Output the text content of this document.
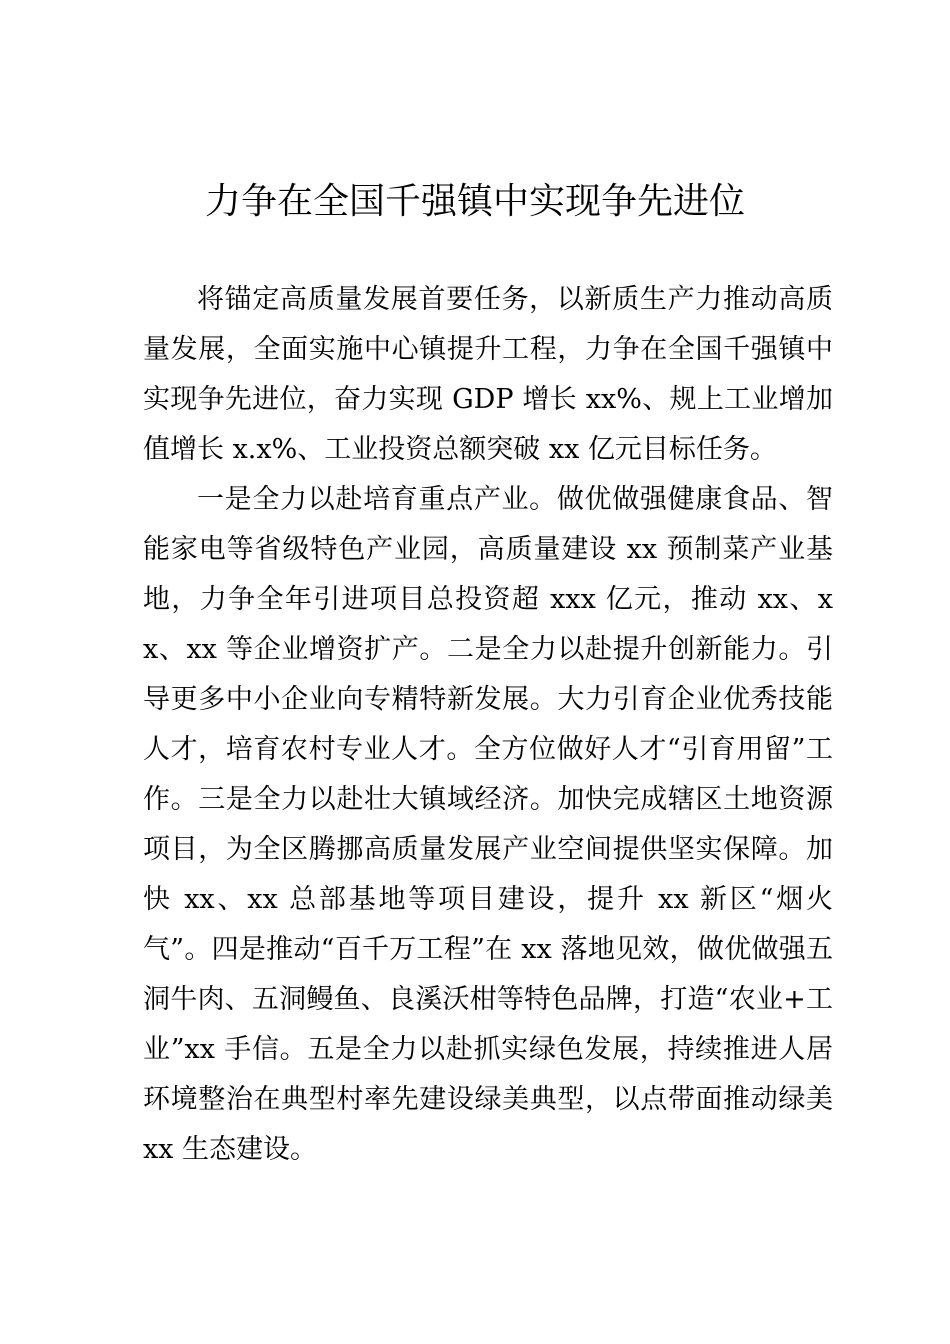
力争在全国千强镇中实现争先进位

将锚定高质量发展首要任务，以新质生产力推动高质量发展，全面实施中心镇提升工程，力争在全国千强镇中实现争先进位，奋力实现 GDP 增长 xx%、规上工业增加值增长 x.x%、工业投资总额突破 xx 亿元目标任务。

一是全力以赴培育重点产业。做优做强健康食品、智能家电等省级特色产业园，高质量建设 xx 预制菜产业基地，力争全年引进项目总投资超 xxx 亿元，推动 xx、xx、xx 等企业增资扩产。二是全力以赴提升创新能力。引导更多中小企业向专精特新发展。大力引育企业优秀技能人才，培育农村专业人才。全方位做好人才“引育用留”工作。三是全力以赴壮大镇域经济。加快完成辖区土地资源项目，为全区腾挪高质量发展产业空间提供坚实保障。加快 xx、xx 总部基地等项目建设，提升 xx 新区“烟火气”。四是推动“百千万工程”在 xx 落地见效，做优做强五洞牛肉、五洞鳗鱼、良溪沃柑等特色品牌，打造“农业+工业”xx 手信。五是全力以赴抓实绿色发展，持续推进人居环境整治在典型村率先建设绿美典型，以点带面推动绿美 xx 生态建设。
